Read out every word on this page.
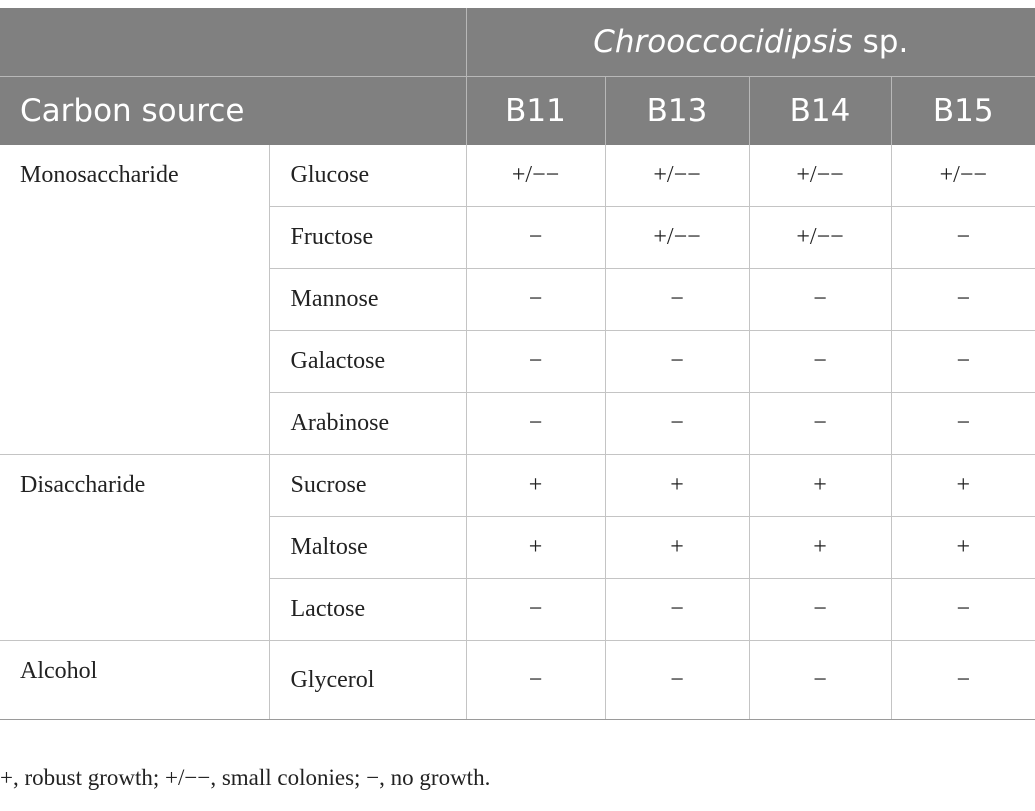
		Chrooccocidipsis sp.			
Carbon source		B11	B13	B14	B15
Monosaccharide	Glucose	+/−−	+/−−	+/−−	+/−−
	Fructose	−	+/−−	+/−−	−
	Mannose	−	−	−	−
	Galactose	−	−	−	−
	Arabinose	−	−	−	−
Disaccharide	Sucrose	+	+	+	+
	Maltose	+	+	+	+
	Lactose	−	−	−	−
Alcohol	Glycerol	−	−	−	−
+, robust growth; +/−−, small colonies; −, no growth.
